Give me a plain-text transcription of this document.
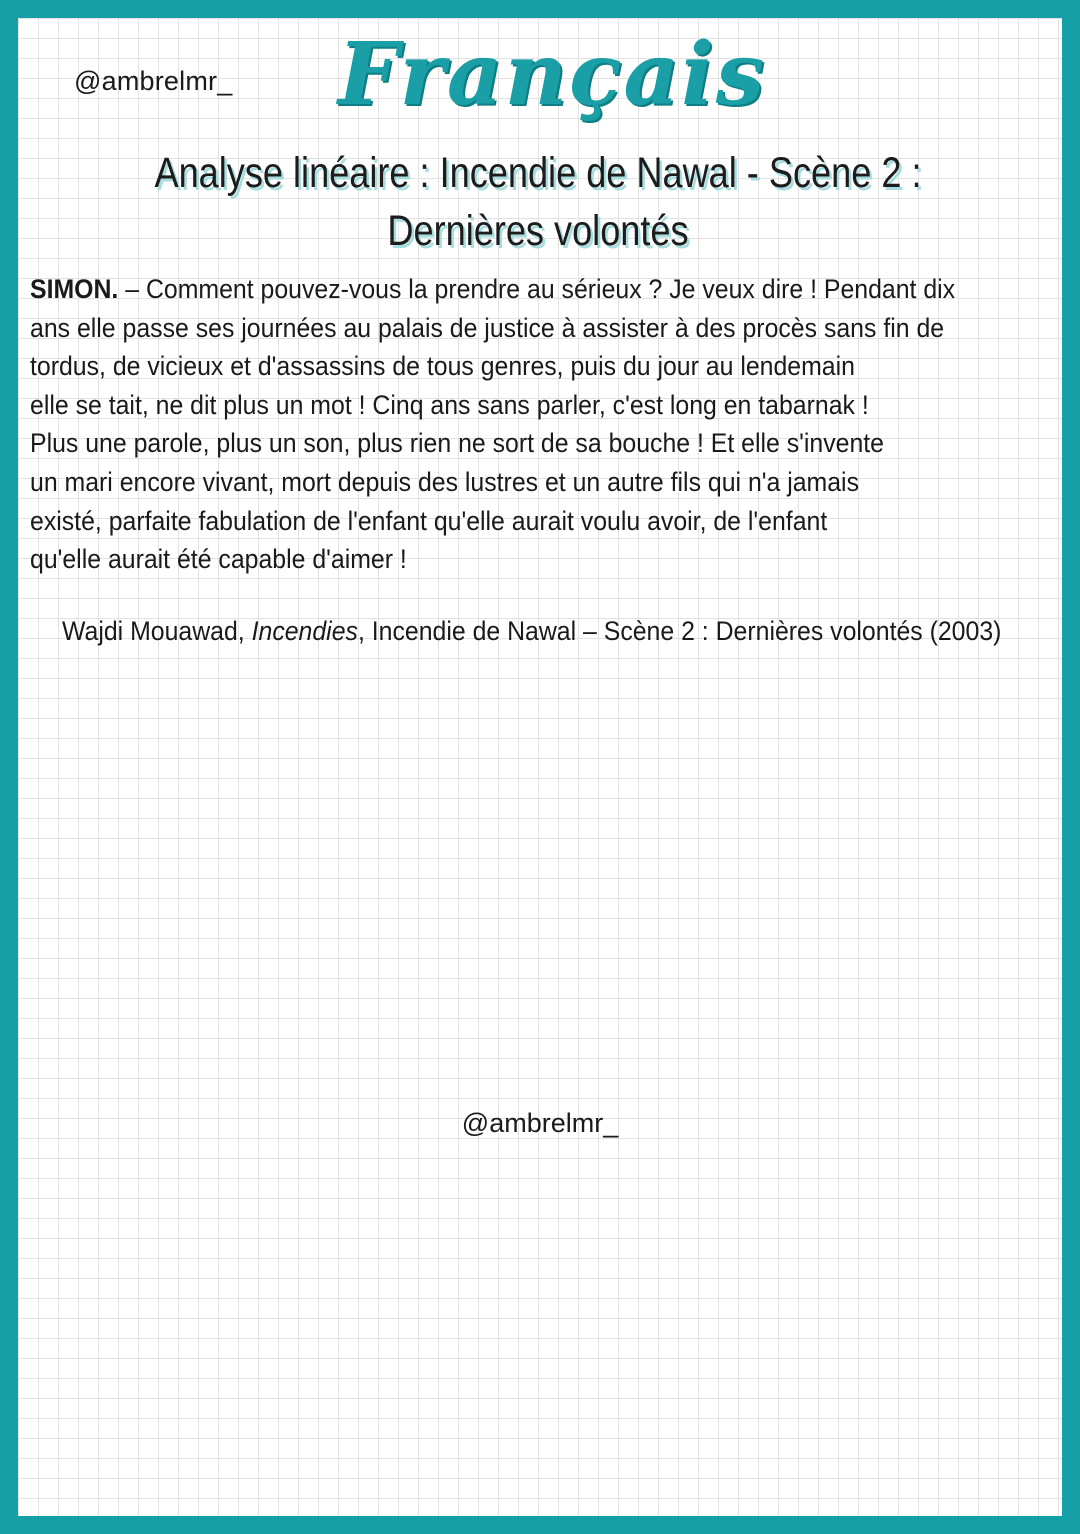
@ambrelmr_ Français
Analyse linéaire : Incendie de Nawal - Scène 2 : Dernières volontés
SIMON. – Comment pouvez-vous la prendre au sérieux ? Je veux dire ! Pendant dix
ans elle passe ses journées au palais de justice à assister à des procès sans fin de
tordus, de vicieux et d'assassins de tous genres, puis du jour au lendemain
elle se tait, ne dit plus un mot ! Cinq ans sans parler, c'est long en tabarnak !
Plus une parole, plus un son, plus rien ne sort de sa bouche ! Et elle s'invente
un mari encore vivant, mort depuis des lustres et un autre fils qui n'a jamais
existé, parfaite fabulation de l'enfant qu'elle aurait voulu avoir, de l'enfant
qu'elle aurait été capable d'aimer !
Wajdi Mouawad, Incendies, Incendie de Nawal – Scène 2 : Dernières volontés (2003)
@ambrelmr_
